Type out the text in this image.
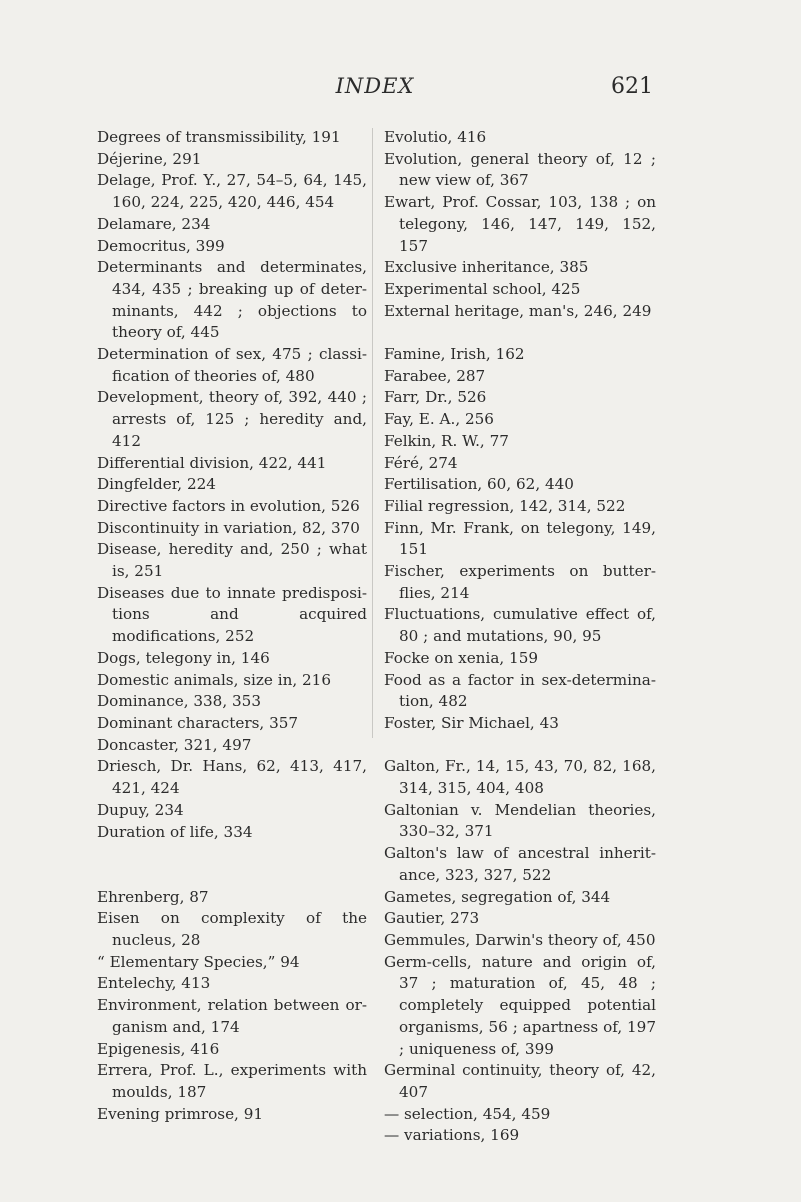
INDEX	621
Degrees of transmissibility, 191
Déjerine, 291
Delage, Prof. Y., 27, 54–5, 64, 145, 160, 224, 225, 420, 446, 454
Delamare, 234
Democritus, 399
Determinants and determinates, 434, 435 ; breaking up of deter-minants, 442 ; objections to theory of, 445
Determination of sex, 475 ; classi-fication of theories of, 480
Development, theory of, 392, 440 ; arrests of, 125 ; heredity and, 412
Differential division, 422, 441
Dingfelder, 224
Directive factors in evolution, 526
Discontinuity in variation, 82, 370
Disease, heredity and, 250 ; what is, 251
Diseases due to innate predisposi-tions and acquired modifications, 252
Dogs, telegony in, 146
Domestic animals, size in, 216
Dominance, 338, 353
Dominant characters, 357
Doncaster, 321, 497
Driesch, Dr. Hans, 62, 413, 417, 421, 424
Dupuy, 234
Duration of life, 334
Ehrenberg, 87
Eisen on complexity of the nucleus, 28
“ Elementary Species,” 94
Entelechy, 413
Environment, relation between or-ganism and, 174
Epigenesis, 416
Errera, Prof. L., experiments with moulds, 187
Evening primrose, 91
Evolutio, 416
Evolution, general theory of, 12 ; new view of, 367
Ewart, Prof. Cossar, 103, 138 ; on telegony, 146, 147, 149, 152, 157
Exclusive inheritance, 385
Experimental school, 425
External heritage, man's, 246, 249
Famine, Irish, 162
Farabee, 287
Farr, Dr., 526
Fay, E. A., 256
Felkin, R. W., 77
Féré, 274
Fertilisation, 60, 62, 440
Filial regression, 142, 314, 522
Finn, Mr. Frank, on telegony, 149, 151
Fischer, experiments on butter-flies, 214
Fluctuations, cumulative effect of, 80 ; and mutations, 90, 95
Focke on xenia, 159
Food as a factor in sex-determina-tion, 482
Foster, Sir Michael, 43
Galton, Fr., 14, 15, 43, 70, 82, 168, 314, 315, 404, 408
Galtonian v. Mendelian theories, 330–32, 371
Galton's law of ancestral inherit-ance, 323, 327, 522
Gametes, segregation of, 344
Gautier, 273
Gemmules, Darwin's theory of, 450
Germ-cells, nature and origin of, 37 ; maturation of, 45, 48 ; completely equipped potential organisms, 56 ; apartness of, 197 ; uniqueness of, 399
Germinal continuity, theory of, 42, 407
— selection, 454, 459
— variations, 169
